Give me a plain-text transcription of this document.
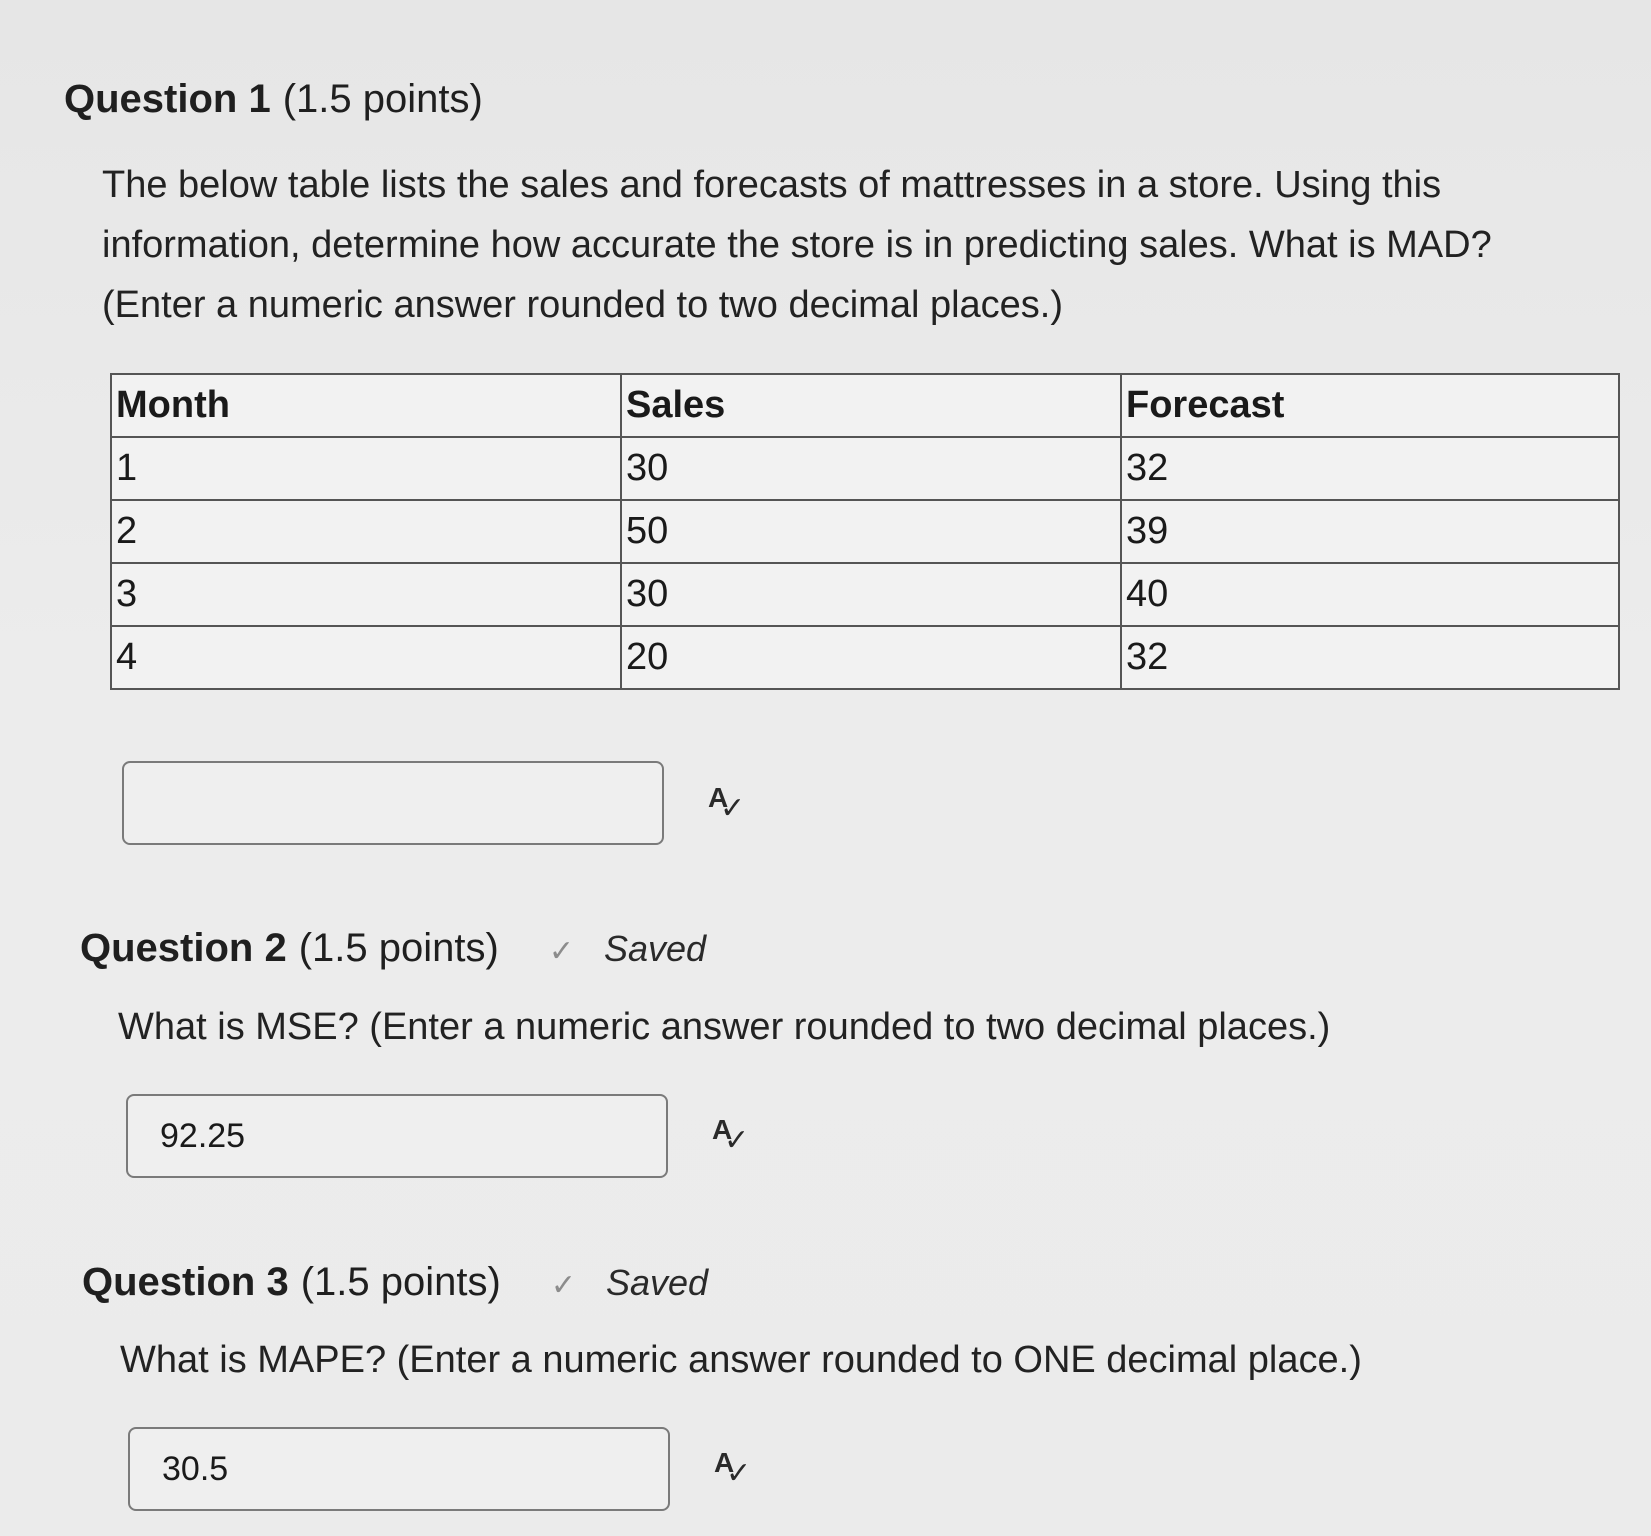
Question 1 (1.5 points)
The below table lists the sales and forecasts of mattresses in a store. Using this
information, determine how accurate the store is in predicting sales. What is MAD?
(Enter a numeric answer rounded to two decimal places.)
Month	Sales	Forecast
1	30	32
2	50	39
3	30	40
4	20	32
A
✓
Question 2 (1.5 points) ✓ Saved
What is MSE? (Enter a numeric answer rounded to two decimal places.)
92.25
A
✓
Question 3 (1.5 points) ✓ Saved
What is MAPE? (Enter a numeric answer rounded to ONE decimal place.)
30.5
A
✓
